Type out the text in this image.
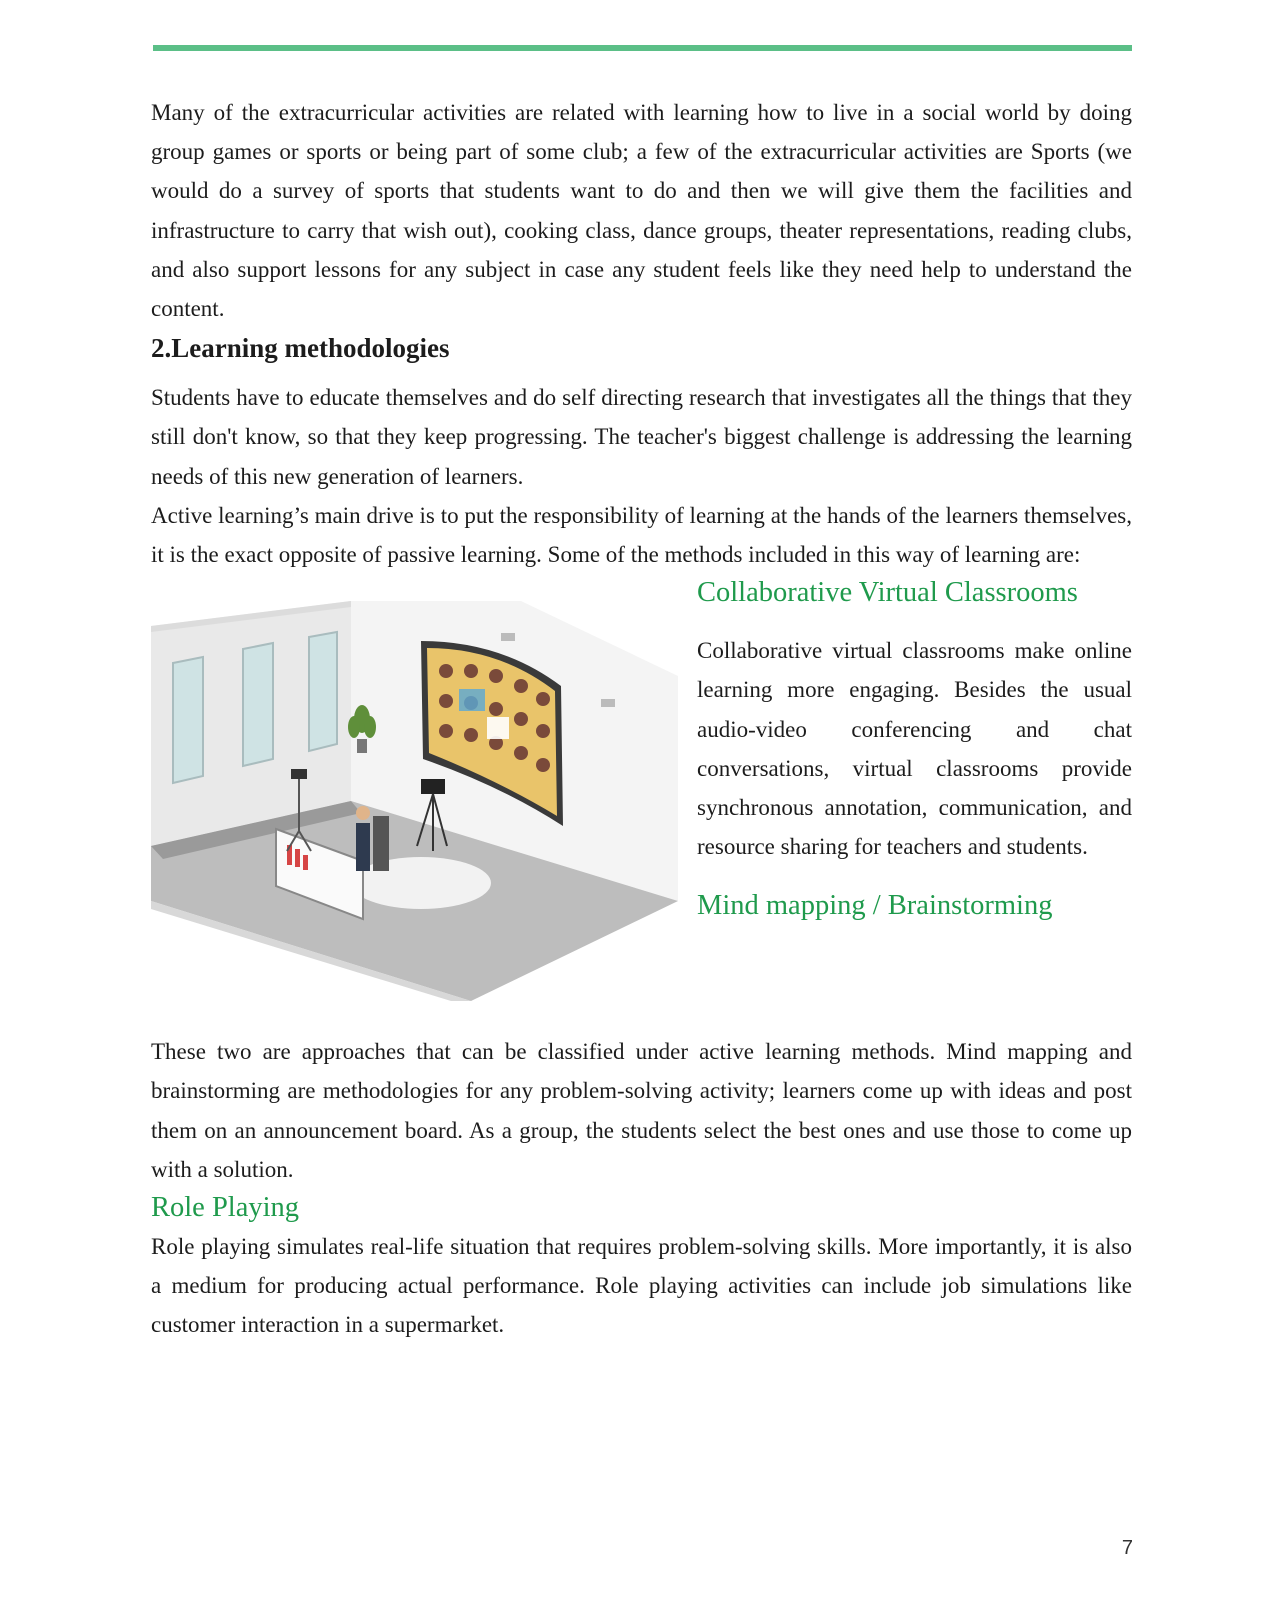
Many of the extracurricular activities are related with learning how to live in a social world by doing group games or sports or being part of some club; a few of the extracurricular activities are Sports (we would do a survey of sports that students want to do and then we will give them the facilities and infrastructure to carry that wish out), cooking class, dance groups, theater representations, reading clubs, and also support lessons for any subject in case any student feels like they need help to understand the content.

2.Learning methodologies

Students have to educate themselves and do self directing research that investigates all the things that they still don't know, so that they keep progressing. The teacher's biggest challenge is addressing the learning needs of this new generation of learners.

Active learning’s main drive is to put the responsibility of learning at the hands of the learners themselves, it is the exact opposite of passive learning. Some of the methods included in this way of learning are:

Collaborative Virtual Classrooms

Collaborative virtual classrooms make online learning more engaging. Besides the usual audio-video conferencing and chat conversations, virtual classrooms provide synchronous annotation, communication, and resource sharing for teachers and students.

Mind mapping / Brainstorming

These two are approaches that can be classified under active learning methods. Mind mapping and brainstorming are methodologies for any problem-solving activity; learners come up with ideas and post them on an announcement board. As a group, the students select the best ones and use those to come up with a solution.

Role Playing

Role playing simulates real-life situation that requires problem-solving skills. More importantly, it is also a medium for producing actual performance. Role playing activities can include job simulations like customer interaction in a supermarket.

7
